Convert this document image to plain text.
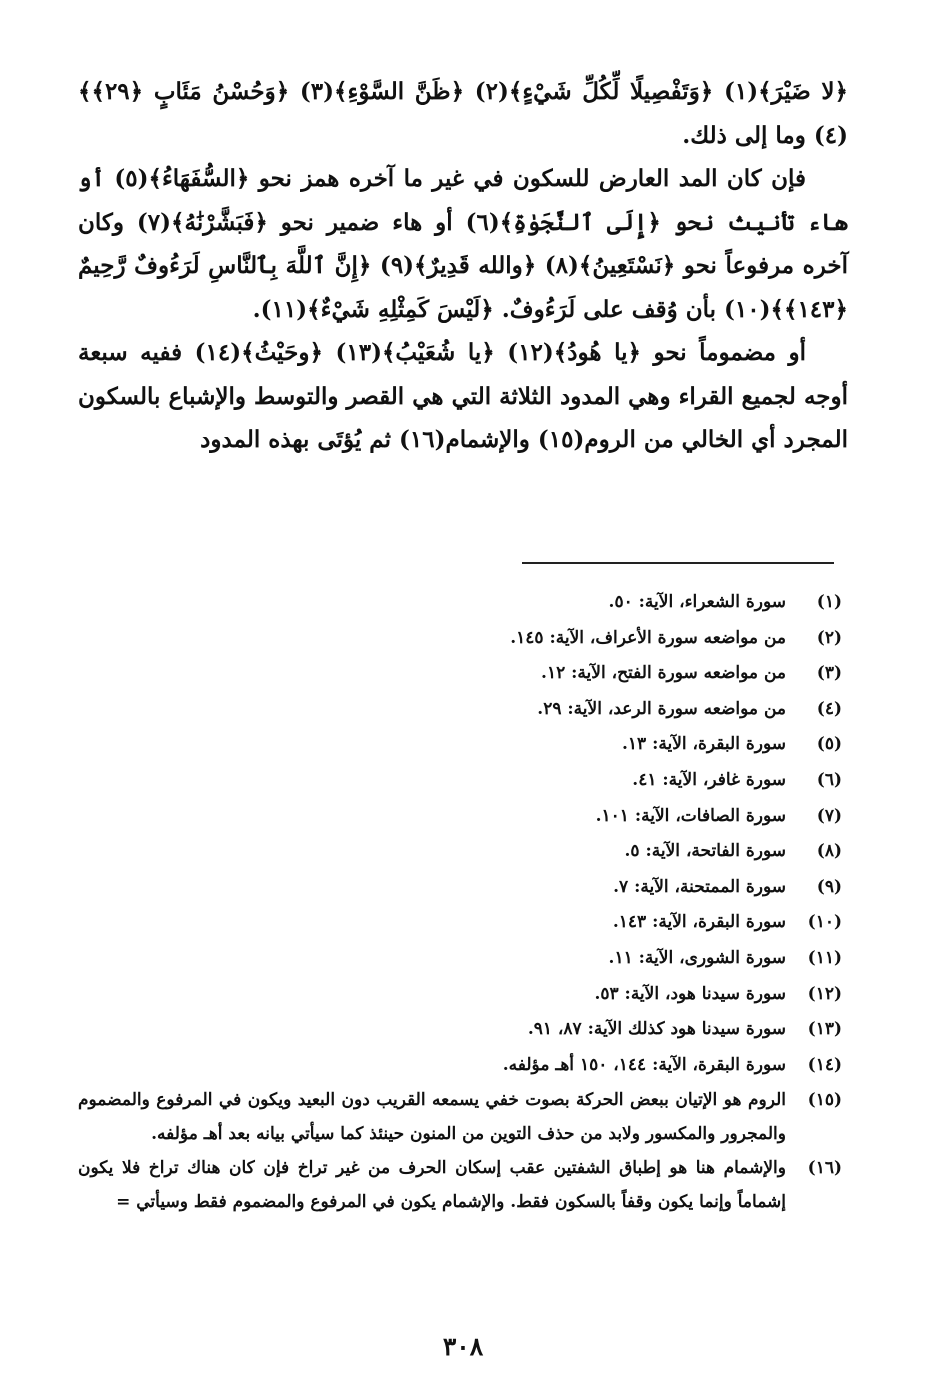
﴿لا ضَيْرَ﴾(١) ﴿وَتَفْصِيلًا لِّكُلِّ شَيْءٍ﴾(٢) ﴿ظَنَّ السَّوْءِ﴾(٣) ﴿وَحُسْنُ مَئَابٍ ﴿٢٩﴾﴾(٤) وما إلى ذلك.

فإن كان المد العارض للسكون في غير ما آخره همز نحو ﴿السُّفَهَاءُ﴾(٥) أو هاء تأنيث نحو ﴿إِلَى ٱلنَّجَوٰةِ﴾(٦) أو هاء ضمير نحو ﴿فَبَشَّرْنَٰهُ﴾(٧) وكان آخره مرفوعاً نحو ﴿نَسْتَعِينُ﴾(٨) ﴿والله قَدِيرٌ﴾(٩) ﴿إِنَّ ٱللَّهَ بِٱلنَّاسِ لَرَءُوفٌ رَّحِيمٌ ﴿١٤٣﴾﴾(١٠) بأن وُقف على لَرَءُوفٌ. ﴿لَيْسَ كَمِثْلِهِ شَيْءٌ﴾(١١).

أو مضموماً نحو ﴿يا هُودُ﴾(١٢) ﴿يا شُعَيْبُ﴾(١٣) ﴿وحَيْثُ﴾(١٤) ففيه سبعة أوجه لجميع القراء وهي المدود الثلاثة التي هي القصر والتوسط والإشباع بالسكون المجرد أي الخالي من الروم(١٥) والإشمام(١٦) ثم يُؤتَى بهذه المدود

(١)
سورة الشعراء، الآية: ٥٠.
(٢)
من مواضعه سورة الأعراف، الآية: ١٤٥.
(٣)
من مواضعه سورة الفتح، الآية: ١٢.
(٤)
من مواضعه سورة الرعد، الآية: ٢٩.
(٥)
سورة البقرة، الآية: ١٣.
(٦)
سورة غافر، الآية: ٤١.
(٧)
سورة الصافات، الآية: ١٠١.
(٨)
سورة الفاتحة، الآية: ٥.
(٩)
سورة الممتحنة، الآية: ٧.
(١٠)
سورة البقرة، الآية: ١٤٣.
(١١)
سورة الشورى، الآية: ١١.
(١٢)
سورة سيدنا هود، الآية: ٥٣.
(١٣)
سورة سيدنا هود كذلك الآية: ٨٧، ٩١.
(١٤)
سورة البقرة، الآية: ١٤٤، ١٥٠ أهـ مؤلفه.
(١٥)
الروم هو الإتيان ببعض الحركة بصوت خفي يسمعه القريب دون البعيد ويكون في المرفوع والمضموم والمجرور والمكسور ولابد من حذف التوين من المنون حينئذ كما سيأتي بيانه بعد أهـ مؤلفه.
(١٦)
والإشمام هنا هو إطباق الشفتين عقب إسكان الحرف من غير تراخ فإن كان هناك تراخ فلا يكون إشماماً وإنما يكون وقفاً بالسكون فقط. والإشمام يكون في المرفوع والمضموم فقط وسيأتي =
٣٠٨
